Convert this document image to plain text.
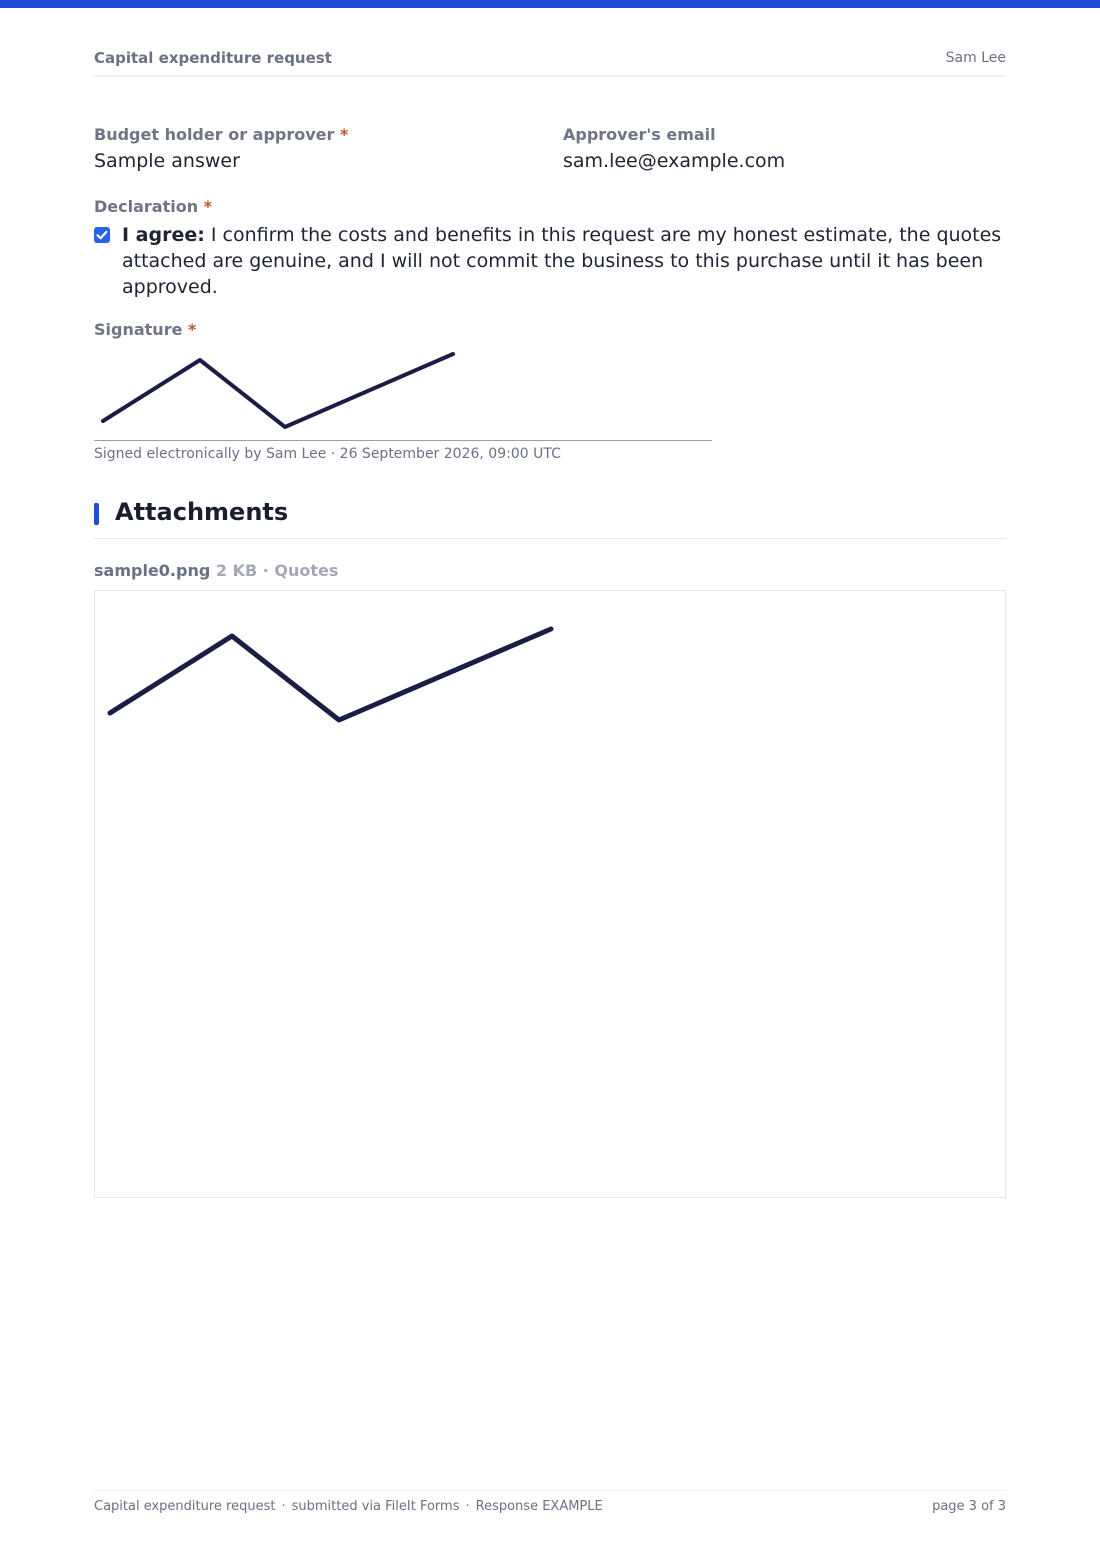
Capital expenditure request	Sam Lee
Budget holder or approver *
Sample answer
Approver's email
sam.lee@example.com
Declaration *
I agree: I confirm the costs and benefits in this request are my honest estimate, the quotes attached are genuine, and I will not commit the business to this purchase until it has been approved.
Signature *
Signed electronically by Sam Lee · 26 September 2026, 09:00 UTC
Attachments
sample0.png 2 KB · Quotes
Capital expenditure request · submitted via FileIt Forms · Response EXAMPLE	page 3 of 3
